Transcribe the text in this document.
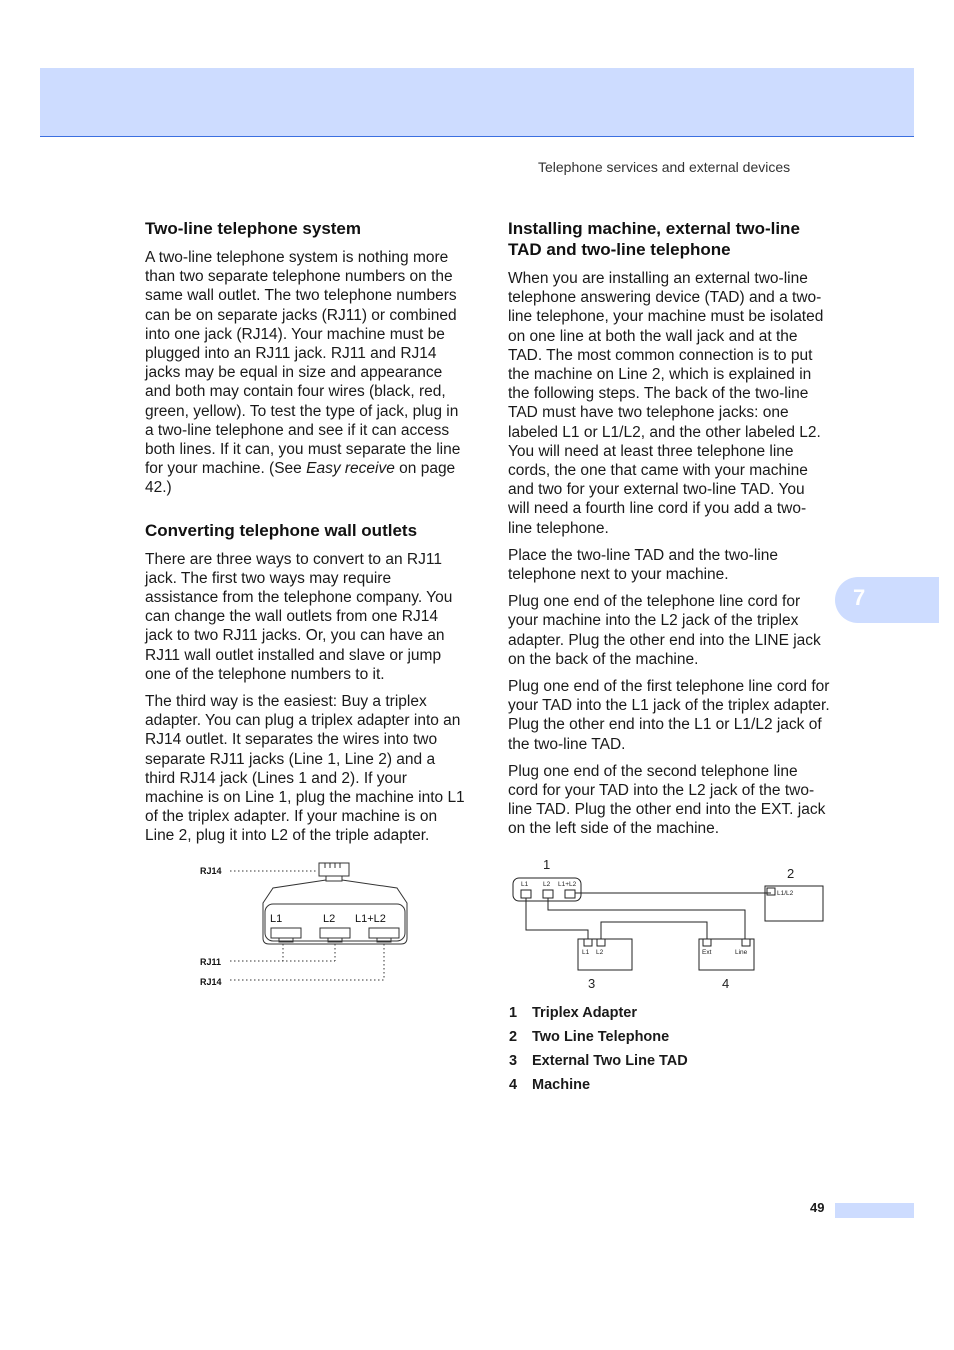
Telephone services and external devices
7
Two-line telephone system

A two-line telephone system is nothing more than two separate telephone numbers on the same wall outlet. The two telephone numbers can be on separate jacks (RJ11) or combined into one jack (RJ14). Your machine must be plugged into an RJ11 jack. RJ11 and RJ14 jacks may be equal in size and appearance and both may contain four wires (black, red, green, yellow). To test the type of jack, plug in a two-line telephone and see if it can access both lines. If it can, you must separate the line for your machine. (See Easy receive on page 42.)

Converting telephone wall outlets

There are three ways to convert to an RJ11 jack. The first two ways may require assistance from the telephone company. You can change the wall outlets from one RJ14 jack to two RJ11 jacks. Or, you can have an RJ11 wall outlet installed and slave or jump one of the telephone numbers to it.

The third way is the easiest: Buy a triplex adapter. You can plug a triplex adapter into an RJ14 outlet. It separates the wires into two separate RJ11 jacks (Line 1, Line 2) and a third RJ14 jack (Lines 1 and 2). If your machine is on Line 1, plug the machine into L1 of the triplex adapter. If your machine is on Line 2, plug it into L2 of the triple adapter.

RJ14
RJ11
RJ14
L1	L2 L1+L2
Installing machine, external two-line TAD and two-line telephone

When you are installing an external two-line telephone answering device (TAD) and a two-line telephone, your machine must be isolated on one line at both the wall jack and at the TAD. The most common connection is to put the machine on Line 2, which is explained in the following steps. The back of the two-line TAD must have two telephone jacks: one labeled L1 or L1/L2, and the other labeled L2. You will need at least three telephone line cords, the one that came with your machine and two for your external two-line TAD. You will need a fourth line cord if you add a two-line telephone.

Place the two-line TAD and the two-line telephone next to your machine.

Plug one end of the telephone line cord for your machine into the L2 jack of the triplex adapter. Plug the other end into the LINE jack on the back of the machine.

Plug one end of the first telephone line cord for your TAD into the L1 jack of the triplex adapter. Plug the other end into the L1 or L1/L2 jack of the two-line TAD.

Plug one end of the second telephone line cord for your TAD into the L2 jack of the two-line TAD. Plug the other end into the EXT. jack on the left side of the machine.

1
2
3	4
L1 L2 L1+L2
L1/L2
L1 L2	Ext	Line
1	Triplex Adapter
2	Two Line Telephone
3	External Two Line TAD
4	Machine
49
